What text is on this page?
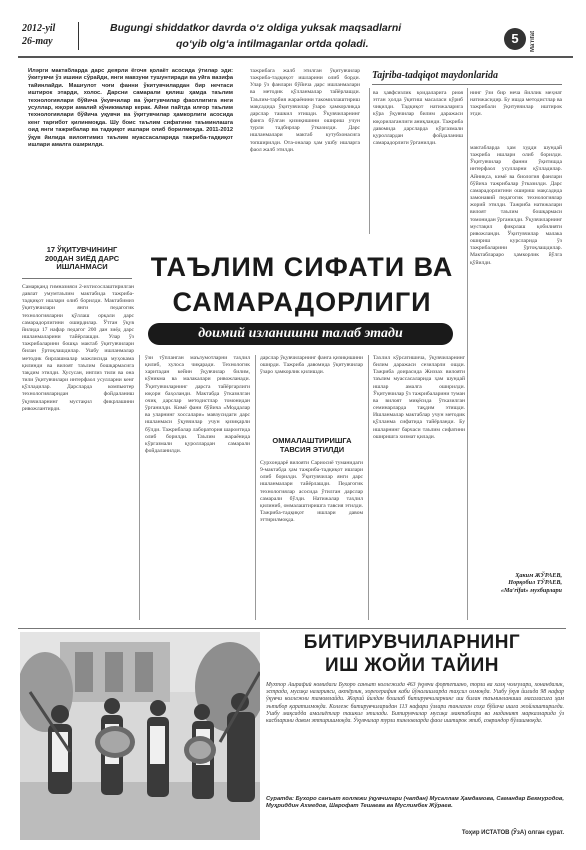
2012-yil
26-may
Bugungi shiddatkor davrda o‘z oldiga yuksak maqsadlarni
qo‘yib olg‘a intilmaganlar ortda qoladi.	5	Ma'rifat

Иләрги мактабларда дарс деярли ёгочя қолаёт асосида ўтилар эди: ўкитувчи ўз ишини сўрайди, янги мавзуни тушунтиради ва уйга вазифа тайинлайди. Машғулот чоғи фанни ўкитувчилардан бир нечтаси иштирок этарди, холос. Дарсни самарали қилиш ҳамда таълим технологиялари бўйича ўкувчилар ва ўқитувчилар фаоллигига янги усуллар, юқори амалий кўникмалар керак. Айни пайтда илғор таълим технологиялари бўйича уқувчи ва ўқитувчилар ҳамкорлиги асосида кенг тарғибот қилинмоқда. Шу боис таълим сифатини таъминлашга оид янги тажрибалар ва тадқиқот ишлари олиб борилмоқда. 2011-2012 ўқув йилида вилоятимиз таълим муассасаларида тажриба-тадқиқот ишлари амалга оширилди.

тажрибага жалб этилган ўқитувчилар тажриба-тадқиқот ишларини олиб борди. Улар ўз фанлари бўйича дарс ишланмалари ва методик қўлланмалар тайёрлашди. Таълим-тарбия жараёнини такомиллаштириш мақсадида ўқитувчилар ўзаро ҳамкорликда дарслар ташкил этишди. Ўқувчиларнинг фанга бўлган қизиқишини ошириш учун турли тадбирлар ўтказилди. Дарс ишланмалари мактаб кутубхонасига топширилди. Ота-оналар ҳам ушбу ишларга фаол жалб этилди.

Tajriba-tadqiqot maydonlarida

ва ҳавфсизлик қоидаларига риоя этган ҳолда ўқитиш масаласи кўриб чиқилди. Тадқиқот натижаларига кўра ўқувчилар билим даражаси юқорилаганлиги аниқланди. Тажриба давомида дарсларда кўргазмали қуроллардан фойдаланиш самарадорлиги ўрганилди.

нинг ўзи бир неча йиллик меҳнат натижасидир. Бу ишда методистлар ва тажрибали ўқитувчилар иштирок этди.

17 ЎҚИТУВЧИНИНГ
200ДАН ЗИЁД ДАРС
ИШЛАНМАСИ	ТАЪЛИМ СИФАТИ ВА
САМАРАДОРЛИГИ
доимий изланишни талаб этади

Самарқанд гимназияси 2-ихтисослаштирилган давлат умумтаълим мактабида тажриба-тадқиқот ишлари олиб борилди. Мактабимиз ўқитувчилари янги педагогик технологияларни қўллаш орқали дарс самарадорлигини оширдилар. Ўтган ўқув йилида 17 нафар педагог 200 дан зиёд дарс ишланмаларини тайёрлашди. Улар ўз тажрибаларини бошқа мактаб ўқитувчилари билан ўртоқлашдилар. Ушбу ишланмалар методик бирлашмалар мажлисида муҳокама қилинди ва вилоят таълим бошқармасига тақдим этилди. Хусусан, инглиз тили ва она тили ўқитувчилари интерфаол усулларни кенг қўлладилар. Дарсларда компьютер технологияларидан фойдаланиш ўқувчиларнинг мустақил фикрлашини ривожлантирди.

ўзи тўпланган маълумотларни таҳлил қилиб, хулоса чиқаради. Технологик харитадан кейин ўқувчилар билим, кўникма ва малакалари ривожланади. Ўқитувчиларнинг дарсга тайёргарлиги юқори баҳоланди. Мактабда ўтказилган очиқ дарслар методистлар томонидан ўрганилди. Кимё фани бўйича «Моддалар ва уларнинг хоссалари» мавзусидаги дарс ишланмаси ўқувчилар учун қизиқарли бўлди. Тажрибалар лаборатория шароитида олиб борилди. Таълим жараёнида кўргазмали қуроллардан самарали фойдаланилди.

дарслар ўқувчиларнинг фанга қизиқишини оширди. Тажриба давомида ўқитувчилар ўзаро ҳамкорлик қилишди.

ОММАЛАШТИРИШГА ТАВСИЯ ЭТИЛДИ

Сурхондарё вилояти Сариосиё туманидаги 9-мактабда ҳам тажриба-тадқиқот ишлари олиб борилди. Ўқитувчилар янги дарс ишланмалари тайёрлашди. Педагогик технологиялар асосида ўтилган дарслар самарали бўлди. Натижалар таҳлил қилиниб, оммалаштиришга тавсия этилди. Тажриба-тадқиқот ишлари давом эттирилмоқда.

Тахлил кўрсатишича, ўқувчиларнинг билим даражаси сезиларли ошди. Тажриба доирасида Жиззах вилояти таълим муассасаларида ҳам шундай ишлар амалга оширилди. Ўқитувчилар ўз тажрибаларини туман ва вилоят миқёсида ўтказилган семинарларда тақдим этишди. Ишланмалар мактаблар учун методик қўлланма сифатида тайёрланди. Бу ишларнинг барчаси таълим сифатини оширишга хизмат қилади.

мактабларда ҳам худди шундай тажриба ишлари олиб борилди. Ўқитувчилар фанни ўқитишда интерфаол усулларни қўлладилар. Айниқса, кимё ва биология фанлари бўйича тажрибалар ўтказилди. Дарс самарадорлигини ошириш мақсадида замонавий педагогик технологиялар жорий этилди. Тажриба натижалари вилоят таълим бошқармаси томонидан ўрганилди. Ўқувчиларнинг мустақил фикрлаш қобилияти ривожланди. Ўқитувчилар малака ошириш курсларида ўз тажрибаларини ўртоқлашдилар. Мактаблараро ҳамкорлик йўлга қўйилди.

Ҳаким ЖЎРАЕВ,
Норқобил ТЎРАЕВ,
«Ma'rifat» мухбирлари
БИТИРУВЧИЛАРНИНГ
ИШ ЖОЙИ ТАЙИН

Мухтор Ашрафий номидаги Бухоро санъат коллежида 463 ўқувчи фортепиано, торли ва халқ чолғулари, хонандалик, эстрада, мусиқа назарияси, актёрлик, хореография каби йўналишларда таҳсил олмоқда. Ушбу ўқув йилида 98 нафар ўқувчи коллежни тамомлайди. Жорий йилдан бошлаб битирувчиларнинг иш билан таъминланиши масаласига ҳам эътибор қаратилмоқда. Коллеж битирувчиларидан 113 нафари ўзлари танлаган соҳа бўйича ишга жойлаштирилди. Ушбу мақсадда амалиётлар ташкил этилади. Битирувчилар мусиқа мактаблари ва маданият марказларида ўз касбларини давом эттиришмоқда. Ўқувчилар турли танловларда фаол иштирок этиб, совриндор бўлишмоқда.

Суратда: Бухоро санъат коллежи ўқувчилари (чапдан) Мусаллам Ҳамдамова, Самандар Бекмуродов, Муҳриддин Ахмедов, Шарофат Тешаева ва Муслимбек Жўраев.

Тоҳир ИСТАТОВ (ЎзА) олган сурат.
